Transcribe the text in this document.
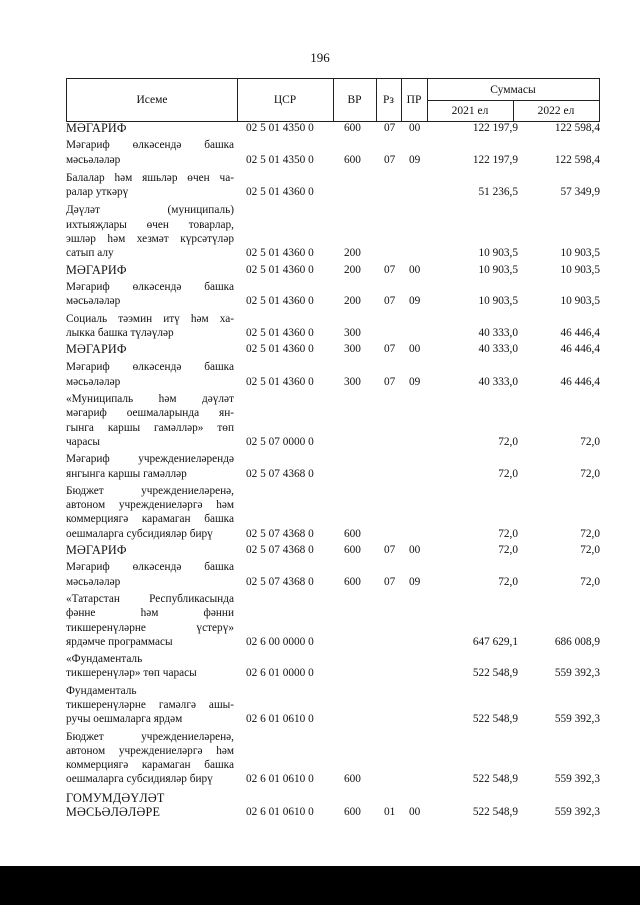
196
Исеме	ЦСР	ВР	Рз	ПР
Суммасы
2021 ел	2022 ел
МӘГАРИФ	02 5 01 4350 0	600 07 00	122 197,9	122 598,4
Мәгариф өлкәсендә башка
мәсьәләләр	02 5 01 4350 0	600 07 09	122 197,9	122 598,4
Балалар һәм яшьләр өчен ча-
ралар уткәрү	02 5 01 4360 0	51 236,5	57 349,9
Дәүләт (муниципаль)
ихтыяҗлары өчен товарлар,
эшләр һәм хезмәт күрсәтүләр
сатып алу	02 5 01 4360 0	200	10 903,5	10 903,5
МӘГАРИФ	02 5 01 4360 0	200 07 00	10 903,5	10 903,5
Мәгариф өлкәсендә башка
мәсьәләләр	02 5 01 4360 0	200 07 09	10 903,5	10 903,5
Социаль тәэмин итү һәм ха-
лыкка башка түләүләр	02 5 01 4360 0	300	40 333,0	46 446,4
МӘГАРИФ	02 5 01 4360 0	300 07 00	40 333,0	46 446,4
Мәгариф өлкәсендә башка
мәсьәләләр	02 5 01 4360 0	300 07 09	40 333,0	46 446,4
«Муниципаль һәм дәүләт
мәгариф оешмаларында ян-
гынга каршы гамәлләр» төп
чарасы	02 5 07 0000 0	72,0	72,0
Мәгариф учреждениеләрендә
янгынга каршы гамәлләр	02 5 07 4368 0	72,0	72,0
Бюджет учреждениеләренә,
автоном учреждениеләргә һәм
коммерциягә карамаган башка
оешмаларга субсидияләр бирү	02 5 07 4368 0	600	72,0	72,0
МӘГАРИФ	02 5 07 4368 0	600 07 00	72,0	72,0
Мәгариф өлкәсендә башка
мәсьәләләр	02 5 07 4368 0	600 07 09	72,0	72,0
«Татарстан Республикасында
фәнне һәм фәнни
тикшеренүләрне үстерү»
ярдәмче программасы	02 6 00 0000 0	647 629,1	686 008,9
«Фундаменталь
тикшеренүләр» төп чарасы	02 6 01 0000 0	522 548,9	559 392,3
Фундаменталь
тикшеренүләрне гамәлгә ашы-
ручы оешмаларга ярдәм	02 6 01 0610 0	522 548,9	559 392,3
Бюджет учреждениеләренә,
автоном учреждениеләргә һәм
коммерциягә карамаган башка
оешмаларга субсидияләр бирү	02 6 01 0610 0	600	522 548,9	559 392,3
ГОМУМДӘҮЛӘТ
МӘСЬӘЛӘЛӘРЕ	02 6 01 0610 0	600 01 00	522 548,9	559 392,3
